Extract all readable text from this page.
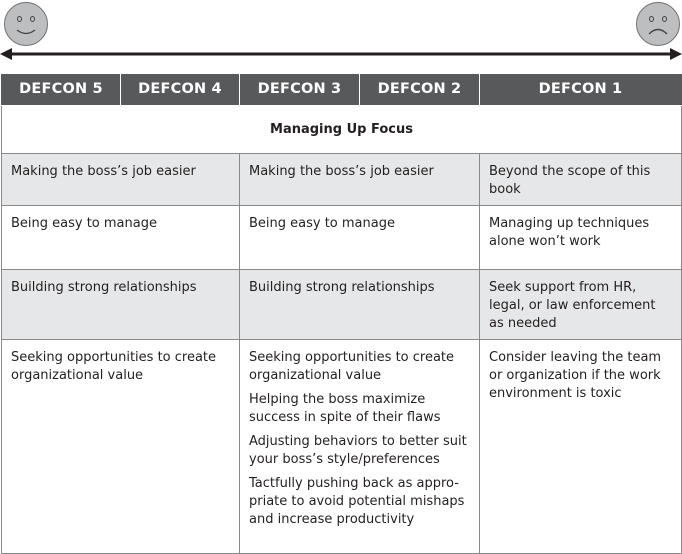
DEFCON 5	DEFCON 4	DEFCON 3	DEFCON 2	DEFCON 1
Managing Up Focus				

Making the boss’s job easier		Making the boss’s job easier		Beyond the scope of this book

Being easy to manage		Being easy to manage		Managing up techniques alone won’t work

Building strong relationships		Building strong relationships		Seek support from HR, legal, or law enforcement as needed

Seeking opportunities to create organizational value		Seeking opportunities to create organizational value
Helping the boss maximize success in spite of their flaws
Adjusting behaviors to better suit your boss’s style/preferences
Tactfully pushing back as appro-priate to avoid potential mishaps and increase productivity		Consider leaving the team or organization if the work environment is toxic
